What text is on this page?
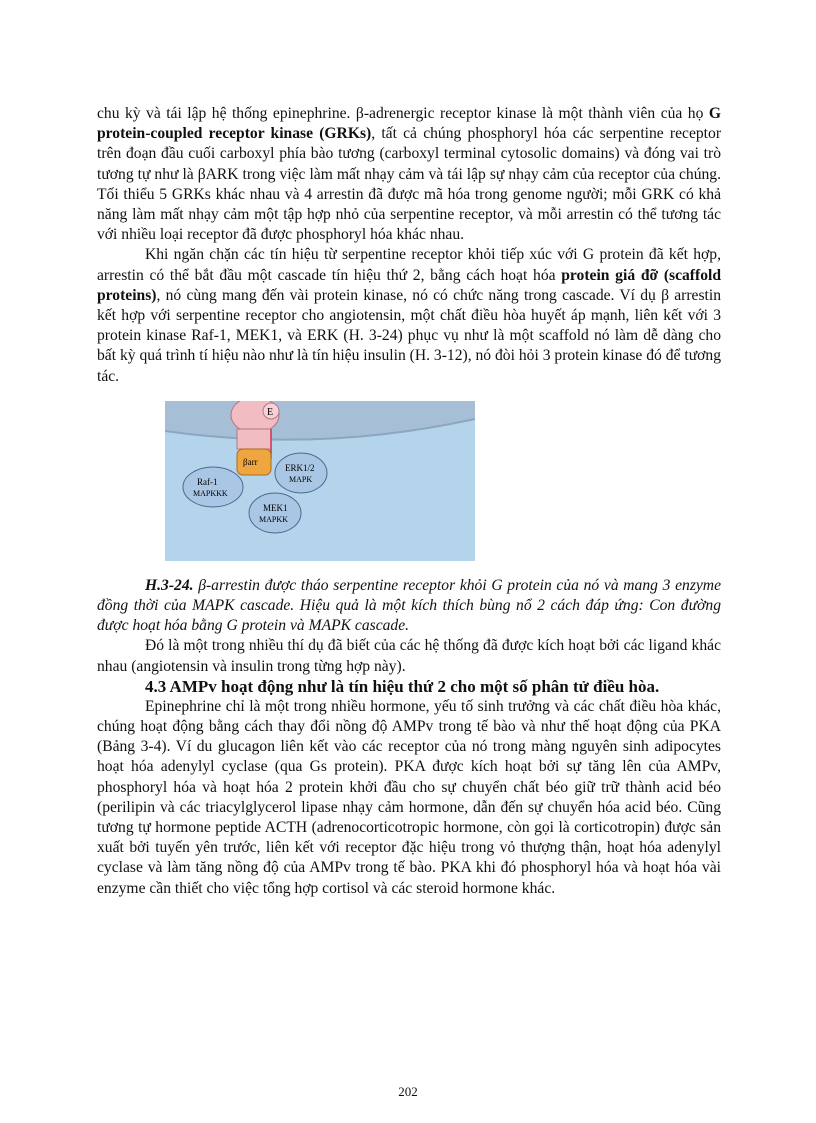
chu kỳ và tái lập hệ thống epinephrine. β-adrenergic receptor kinase là một thành viên của họ G protein-coupled receptor kinase (GRKs), tất cả chúng phosphoryl hóa các serpentine receptor trên đoạn đầu cuối carboxyl phía bào tương (carboxyl terminal cytosolic domains) và đóng vai trò tương tự như là βARK trong việc làm mất nhạy cảm và tái lập sự nhạy cảm của receptor của chúng. Tối thiểu 5 GRKs khác nhau và 4 arrestin đã được mã hóa trong genome người; mỗi GRK có khả năng làm mất nhạy cảm một tập hợp nhỏ của serpentine receptor, và mỗi arrestin có thể tương tác với nhiều loại receptor đã được phosphoryl hóa khác nhau.

Khi ngăn chặn các tín hiệu từ serpentine receptor khỏi tiếp xúc với G protein đã kết hợp, arrestin có thể bắt đầu một cascade tín hiệu thứ 2, bằng cách hoạt hóa protein giá đỡ (scaffold proteins), nó cùng mang đến vài protein kinase, nó có chức năng trong cascade. Ví dụ β arrestin kết hợp với serpentine receptor cho angiotensin, một chất điều hòa huyết áp mạnh, liên kết với 3 protein kinase Raf-1, MEK1, và ERK (H. 3-24) phục vụ như là một scaffold nó làm dễ dàng cho bất kỳ quá trình tí hiệu nào như là tín hiệu insulin (H. 3-12), nó đòi hỏi 3 protein kinase đó để tương tác.

E
βarr
Raf-1
MAPKKK
ERK1/2
MAPK
MEK1
MAPKK

H.3-24. β-arrestin được tháo serpentine receptor khỏi G protein của nó và mang 3 enzyme đồng thời của MAPK cascade. Hiệu quả là một kích thích bùng nổ 2 cách đáp ứng: Con đường được hoạt hóa bằng G protein và MAPK cascade.

Đó là một trong nhiều thí dụ đã biết của các hệ thống đã được kích hoạt bởi các ligand khác nhau (angiotensin và insulin trong từng hợp này).

4.3 AMPv hoạt động như là tín hiệu thứ 2 cho một số phân tử điều hòa.

Epinephrine chỉ là một trong nhiều hormone, yếu tố sinh trưởng và các chất điều hòa khác, chúng hoạt động bằng cách thay đổi nồng độ AMPv trong tế bào và như thế hoạt động của PKA (Bảng 3-4). Ví du glucagon liên kết vào các receptor của nó trong màng nguyên sinh adipocytes hoạt hóa adenylyl cyclase (qua Gs protein). PKA được kích hoạt bởi sự tăng lên của AMPv, phosphoryl hóa và hoạt hóa 2 protein khởi đầu cho sự chuyển chất béo giữ trữ thành acid béo (perilipin và các triacylglycerol lipase nhạy cảm hormone, dẫn đến sự chuyển hóa acid béo. Cũng tương tự hormone peptide ACTH (adrenocorticotropic hormone, còn gọi là corticotropin) được sản xuất bởi tuyến yên trước, liên kết với receptor đặc hiệu trong vỏ thượng thận, hoạt hóa adenylyl cyclase và làm tăng nồng độ của AMPv trong tế bào. PKA khi đó phosphoryl hóa và hoạt hóa vài enzyme cần thiết cho việc tổng hợp cortisol và các steroid hormone khác.

202
